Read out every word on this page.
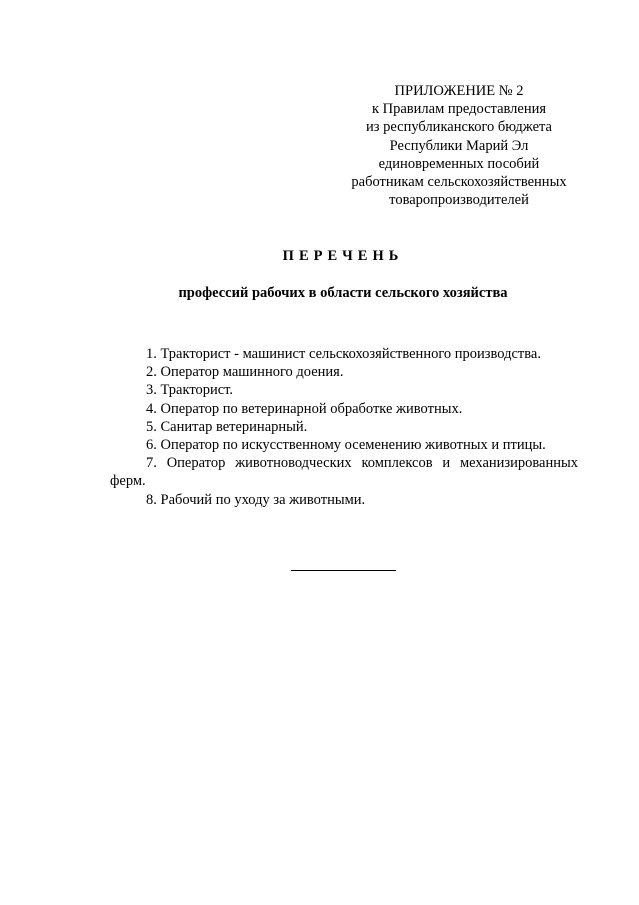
ПРИЛОЖЕНИЕ № 2
к Правилам предоставления
из республиканского бюджета
Республики Марий Эл
единовременных пособий
работникам сельскохозяйственных
товаропроизводителей
ПЕРЕЧЕНЬ
профессий рабочих в области сельского хозяйства
1. Тракторист - машинист сельскохозяйственного производства.
2. Оператор машинного доения.
3. Тракторист.
4. Оператор по ветеринарной обработке животных.
5. Санитар ветеринарный.
6. Оператор по искусственному осеменению животных и птицы.
7. Оператор животноводческих комплексов и механизированных ферм.
8. Рабочий по уходу за животными.
